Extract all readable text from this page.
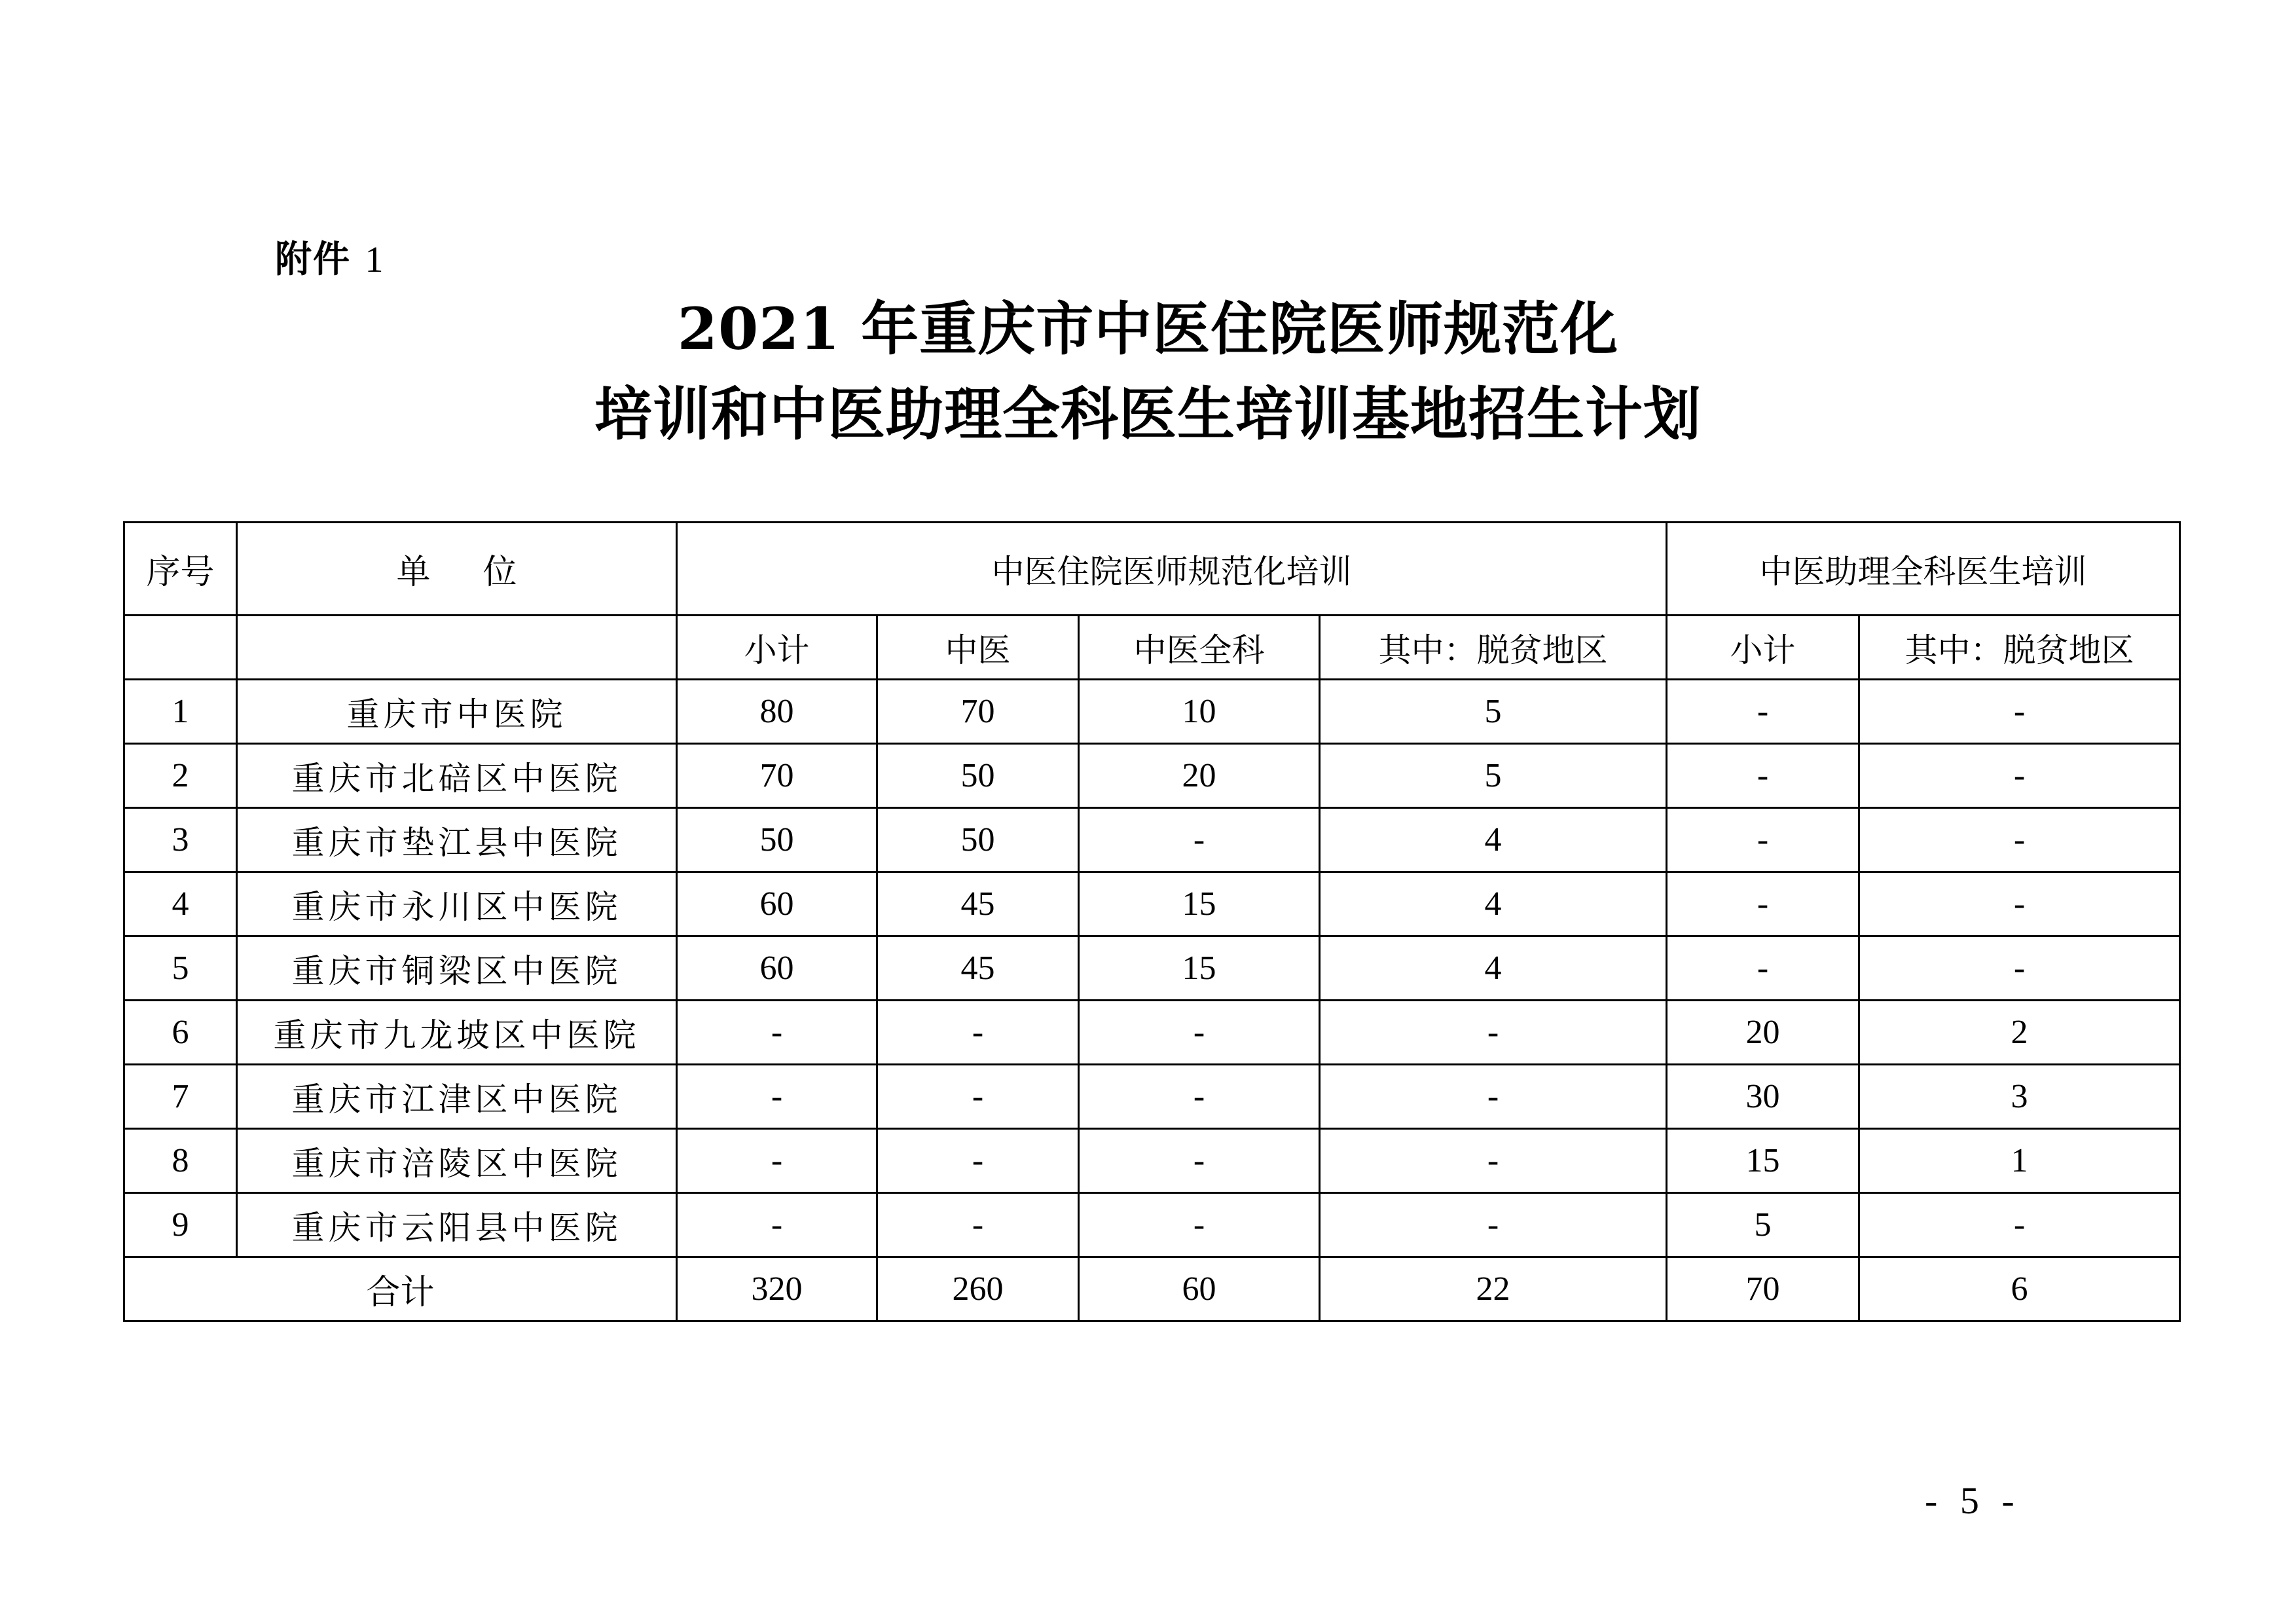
附件 1
2021 年重庆市中医住院医师规范化
培训和中医助理全科医生培训基地招生计划
序号	单位	中医住院医师规范化培训				中医助理全科医生培训	
		小计	中医	中医全科	其中：脱贫地区	小计	其中：脱贫地区
1	重庆市中医院	80	70	10	5	-	-
2	重庆市北碚区中医院	70	50	20	5	-	-
3	重庆市垫江县中医院	50	50	-	4	-	-
4	重庆市永川区中医院	60	45	15	4	-	-
5	重庆市铜梁区中医院	60	45	15	4	-	-
6	重庆市九龙坡区中医院	-	-	-	-	20	2
7	重庆市江津区中医院	-	-	-	-	30	3
8	重庆市涪陵区中医院	-	-	-	-	15	1
9	重庆市云阳县中医院	-	-	-	-	5	-
合计		320	260	60	22	70	6
- 5 -
